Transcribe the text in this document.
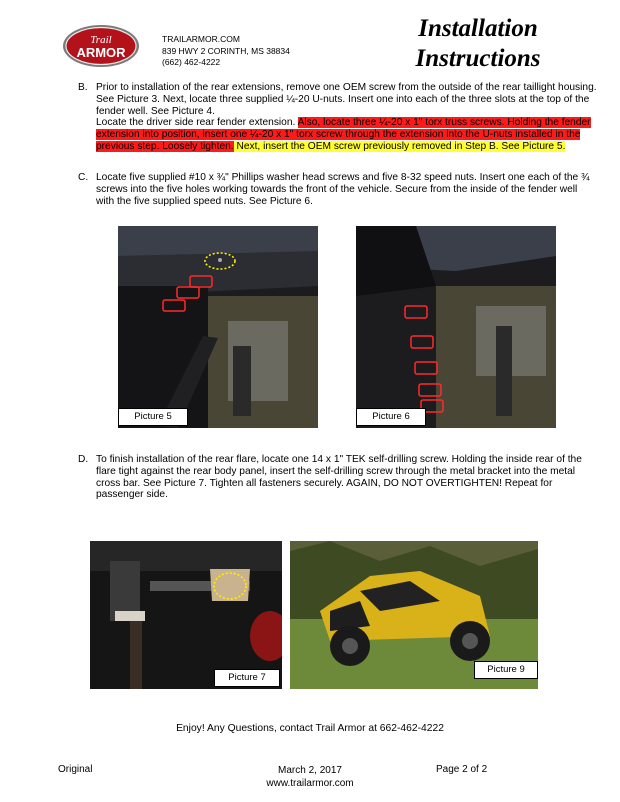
Trail
ARMOR
TRAILARMOR.COM
839 HWY 2 CORINTH, MS 38834
(662) 462-4222
Installation
Instructions
B. Prior to installation of the rear extensions, remove one OEM screw from the outside of the rear taillight housing. See Picture 3. Next, locate three supplied ¼-20 U-nuts. Insert one into each of the three slots at the top of the fender well. See Picture 4.
Locate the driver side rear fender extension. Also, locate three ¼-20 x 1" torx truss screws. Holding the fender extension into position, insert one ¼-20 x 1" torx screw through the extension into the U-nuts installed in the previous step. Loosely tighten. Next, insert the OEM screw previously removed in Step B. See Picture 5.
C. Locate five supplied #10 x ¾" Phillips washer head screws and five 8-32 speed nuts. Insert one each of the ¾ screws into the five holes working towards the front of the vehicle. Secure from the inside of the fender well with the five supplied speed nuts. See Picture 6.
Picture 5	Picture 6
D. To finish installation of the rear flare, locate one 14 x 1" TEK self-drilling screw. Holding the inside rear of the flare tight against the rear body panel, insert the self-drilling screw through the metal bracket into the metal cross bar. See Picture 7. Tighten all fasteners securely. AGAIN, DO NOT OVERTIGHTEN! Repeat for passenger side.
Picture 7
Picture 9
Enjoy! Any Questions, contact Trail Armor at 662-462-4222
Original	March 2, 2017
www.trailarmor.com
Page 2 of 2
